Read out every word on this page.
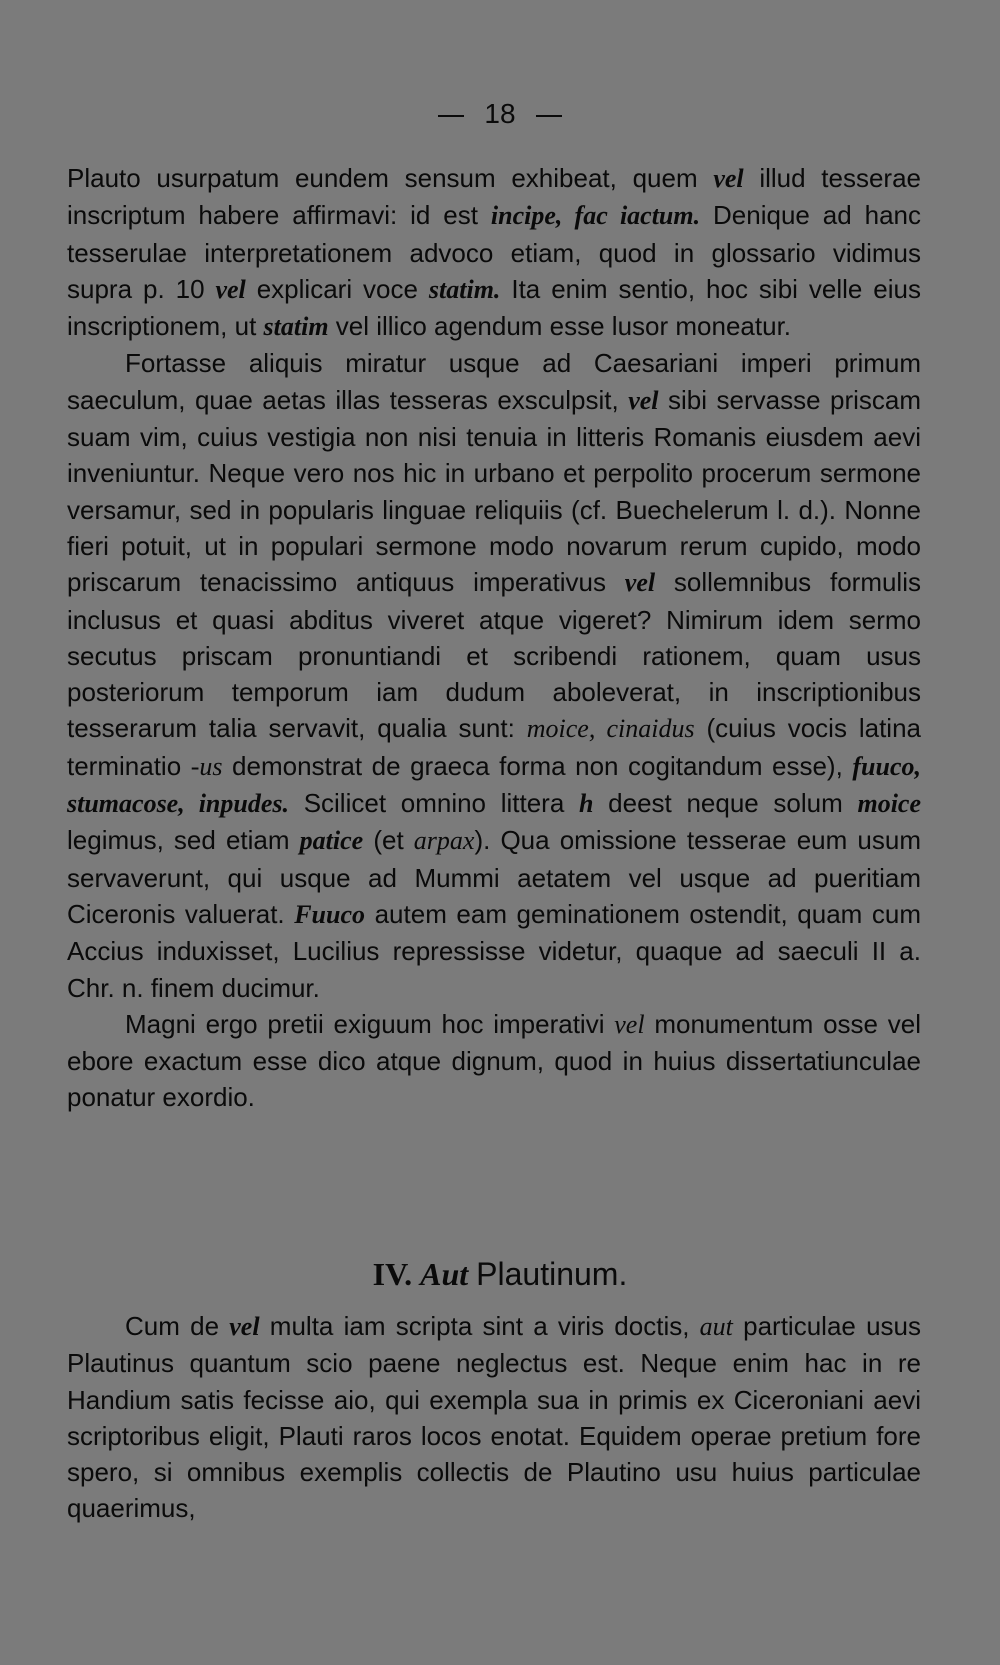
18

Plauto usurpatum eundem sensum exhibeat, quem vel illud tesserae inscriptum habere affirmavi: id est incipe, fac iactum. Denique ad hanc tesserulae interpretationem advoco etiam, quod in glossario vidimus supra p. 10 vel explicari voce statim. Ita enim sentio, hoc sibi velle eius inscriptionem, ut statim vel illico agendum esse lusor moneatur.

Fortasse aliquis miratur usque ad Caesariani imperi primum saeculum, quae aetas illas tesseras exsculpsit, vel sibi servasse priscam suam vim, cuius vestigia non nisi tenuia in litteris Romanis eiusdem aevi inveniuntur. Neque vero nos hic in urbano et perpolito procerum sermone versamur, sed in popularis linguae reliquiis (cf. Buechelerum l. d.). Nonne fieri potuit, ut in populari sermone modo novarum rerum cupido, modo priscarum tenacissimo antiquus imperativus vel sollemnibus formulis inclusus et quasi abditus viveret atque vigeret? Nimirum idem sermo secutus priscam pronuntiandi et scribendi rationem, quam usus posteriorum temporum iam dudum aboleverat, in inscriptionibus tesserarum talia servavit, qualia sunt: moice, cinaidus (cuius vocis latina terminatio -us demonstrat de graeca forma non cogitandum esse), fuuco, stumacose, inpudes. Scilicet omnino littera h deest neque solum moice legimus, sed etiam patice (et arpax). Qua omissione tesserae eum usum servaverunt, qui usque ad Mummi aetatem vel usque ad pueritiam Ciceronis valuerat. Fuuco autem eam geminationem ostendit, quam cum Accius induxisset, Lucilius repressisse videtur, quaque ad saeculi II a. Chr. n. finem ducimur.

Magni ergo pretii exiguum hoc imperativi vel monumentum osse vel ebore exactum esse dico atque dignum, quod in huius dissertatiunculae ponatur exordio.

IV. Aut Plautinum.

Cum de vel multa iam scripta sint a viris doctis, aut particulae usus Plautinus quantum scio paene neglectus est. Neque enim hac in re Handium satis fecisse aio, qui exempla sua in primis ex Ciceroniani aevi scriptoribus eligit, Plauti raros locos enotat. Equidem operae pretium fore spero, si omnibus exemplis collectis de Plautino usu huius particulae quaerimus,
